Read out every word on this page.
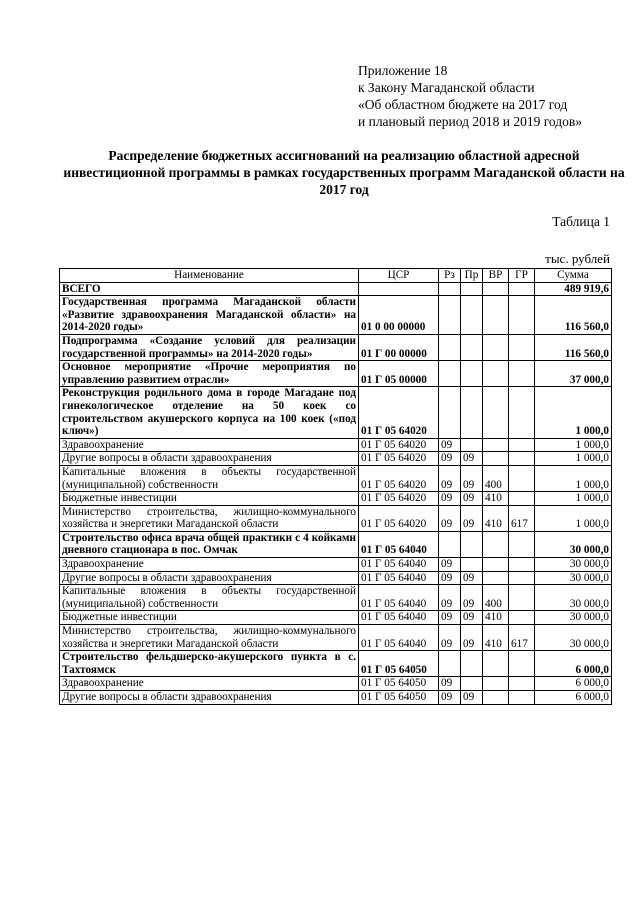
Приложение 18
к Закону Магаданской области
«Об областном бюджете на 2017 год
и плановый период 2018 и 2019 годов»
Распределение бюджетных ассигнований на реализацию областной адресной инвестиционной программы в рамках государственных программ Магаданской области на 2017 год
Таблица 1
тыс. рублей
Наименование	ЦСР	Рз	Пр	ВР	ГР	Сумма
ВСЕГО						489 919,6
Государственная программа Магаданской области «Развитие здравоохранения Магаданской области» на 2014-2020 годы»	01 0 00 00000					116 560,0
Подпрограмма «Создание условий для реализации государственной программы» на 2014-2020 годы»	01 Г 00 00000					116 560,0
Основное мероприятие «Прочие мероприятия по управлению развитием отрасли»	01 Г 05 00000					37 000,0
Реконструкция родильного дома в городе Магадане под гинекологическое отделение на 50 коек со строительством акушерского корпуса на 100 коек («под ключ»)	01 Г 05 64020					1 000,0
Здравоохранение	01 Г 05 64020	09				1 000,0
Другие вопросы в области здравоохранения	01 Г 05 64020	09	09			1 000,0
Капитальные вложения в объекты государственной (муниципальной) собственности	01 Г 05 64020	09	09	400		1 000,0
Бюджетные инвестиции	01 Г 05 64020	09	09	410		1 000,0
Министерство строительства, жилищно-коммунального хозяйства и энергетики Магаданской области	01 Г 05 64020	09	09	410	617	1 000,0
Строительство офиса врача общей практики с 4 койками дневного стационара в пос. Омчак	01 Г 05 64040					30 000,0
Здравоохранение	01 Г 05 64040	09				30 000,0
Другие вопросы в области здравоохранения	01 Г 05 64040	09	09			30 000,0
Капитальные вложения в объекты государственной (муниципальной) собственности	01 Г 05 64040	09	09	400		30 000,0
Бюджетные инвестиции	01 Г 05 64040	09	09	410		30 000,0
Министерство строительства, жилищно-коммунального хозяйства и энергетики Магаданской области	01 Г 05 64040	09	09	410	617	30 000,0
Строительство фельдшерско-акушерского пункта в с. Тахтоямск	01 Г 05 64050					6 000,0
Здравоохранение	01 Г 05 64050	09				6 000,0
Другие вопросы в области здравоохранения	01 Г 05 64050	09	09			6 000,0
